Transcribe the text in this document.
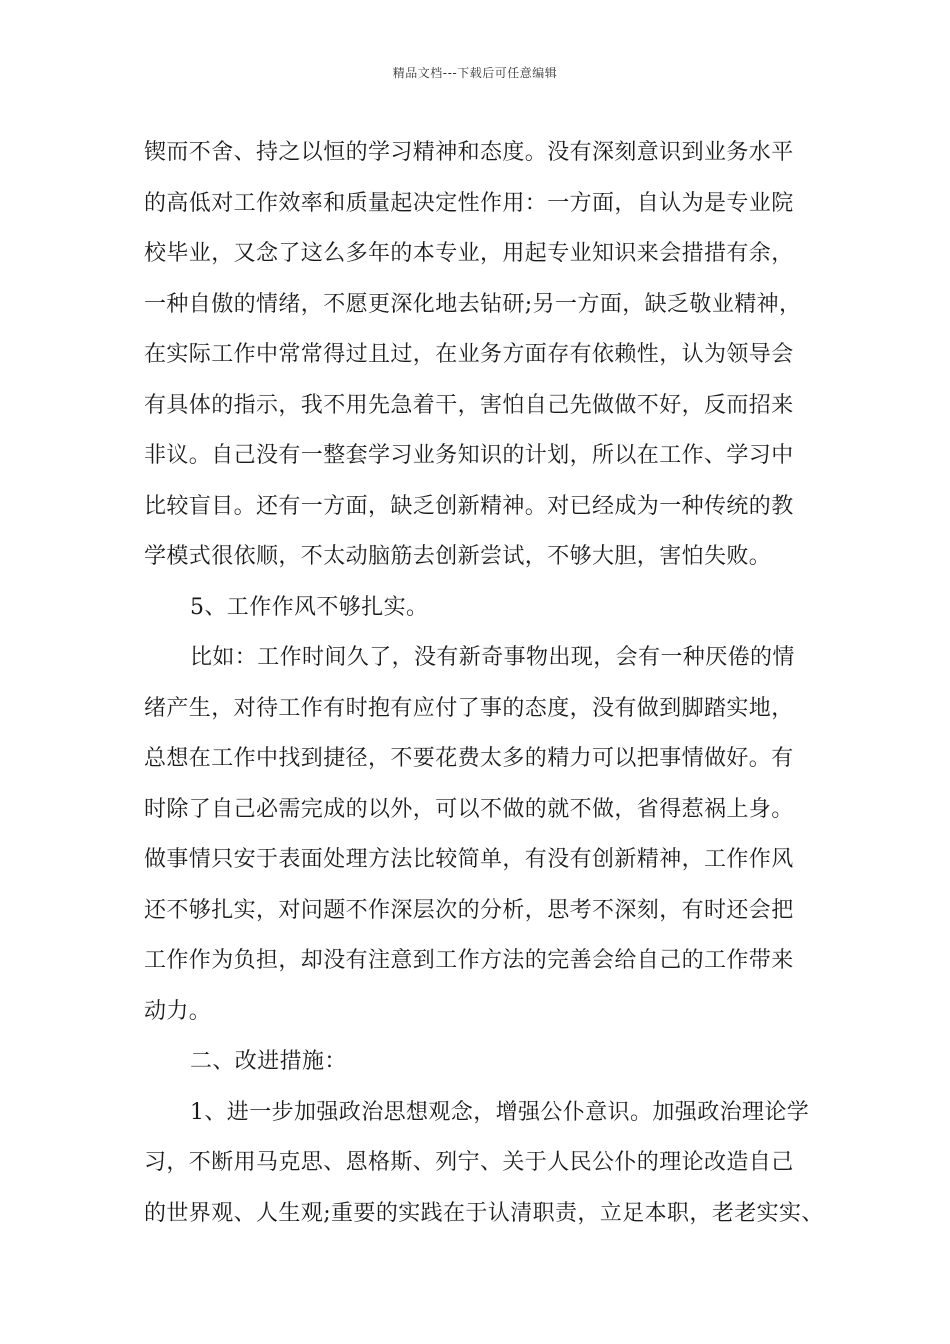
精品文档---下载后可任意编辑
锲而不舍、持之以恒的学习精神和态度。没有深刻意识到业务水平
的高低对工作效率和质量起决定性作用：一方面，自认为是专业院
校毕业，又念了这么多年的本专业，用起专业知识来会措措有余，
一种自傲的情绪，不愿更深化地去钻研;另一方面，缺乏敬业精神，
在实际工作中常常得过且过，在业务方面存有依赖性，认为领导会
有具体的指示，我不用先急着干，害怕自己先做做不好，反而招来
非议。自己没有一整套学习业务知识的计划，所以在工作、学习中
比较盲目。还有一方面，缺乏创新精神。对已经成为一种传统的教
学模式很依顺，不太动脑筋去创新尝试，不够大胆，害怕失败。
5、工作作风不够扎实。
比如：工作时间久了，没有新奇事物出现，会有一种厌倦的情
绪产生，对待工作有时抱有应付了事的态度，没有做到脚踏实地，
总想在工作中找到捷径，不要花费太多的精力可以把事情做好。有
时除了自己必需完成的以外，可以不做的就不做，省得惹祸上身。
做事情只安于表面处理方法比较简单，有没有创新精神，工作作风
还不够扎实，对问题不作深层次的分析，思考不深刻，有时还会把
工作作为负担，却没有注意到工作方法的完善会给自己的工作带来
动力。
二、改进措施：
1、进一步加强政治思想观念，增强公仆意识。加强政治理论学
习，不断用马克思、恩格斯、列宁、关于人民公仆的理论改造自己
的世界观、人生观;重要的实践在于认清职责，立足本职，老老实实、
